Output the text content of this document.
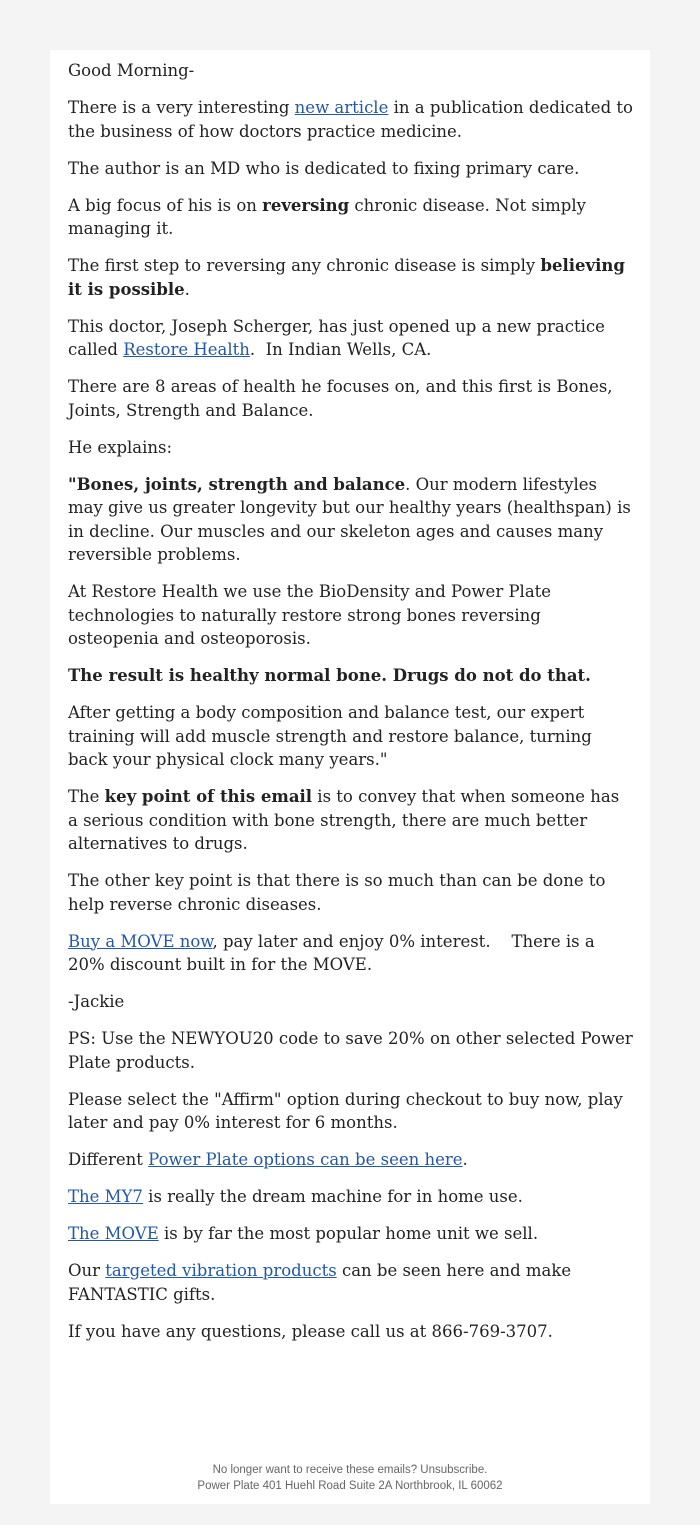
Good Morning-

There is a very interesting new article in a publication dedicated to the business of how doctors practice medicine.

The author is an MD who is dedicated to fixing primary care.

A big focus of his is on reversing chronic disease. Not simply managing it.

The first step to reversing any chronic disease is simply believing it is possible.

This doctor, Joseph Scherger, has just opened up a new practice called Restore Health.  In Indian Wells, CA.

There are 8 areas of health he focuses on, and this first is Bones, Joints, Strength and Balance.

He explains:

"Bones, joints, strength and balance. Our modern lifestyles may give us greater longevity but our healthy years (healthspan) is in decline. Our muscles and our skeleton ages and causes many reversible problems.

At Restore Health we use the BioDensity and Power Plate technologies to naturally restore strong bones reversing osteopenia and osteoporosis.

The result is healthy normal bone. Drugs do not do that.

After getting a body composition and balance test, our expert training will add muscle strength and restore balance, turning back your physical clock many years."

The key point of this email is to convey that when someone has a serious condition with bone strength, there are much better alternatives to drugs.

The other key point is that there is so much than can be done to help reverse chronic diseases.

Buy a MOVE now, pay later and enjoy 0% interest.    There is a 20% discount built in for the MOVE.

-Jackie

PS: Use the NEWYOU20 code to save 20% on other selected Power Plate products.

Please select the "Affirm" option during checkout to buy now, play later and pay 0% interest for 6 months.

Different Power Plate options can be seen here.

The MY7 is really the dream machine for in home use.

The MOVE is by far the most popular home unit we sell.

Our targeted vibration products can be seen here and make FANTASTIC gifts.

If you have any questions, please call us at 866-769-3707.

No longer want to receive these emails? Unsubscribe.
Power Plate 401 Huehl Road Suite 2A Northbrook, IL 60062
